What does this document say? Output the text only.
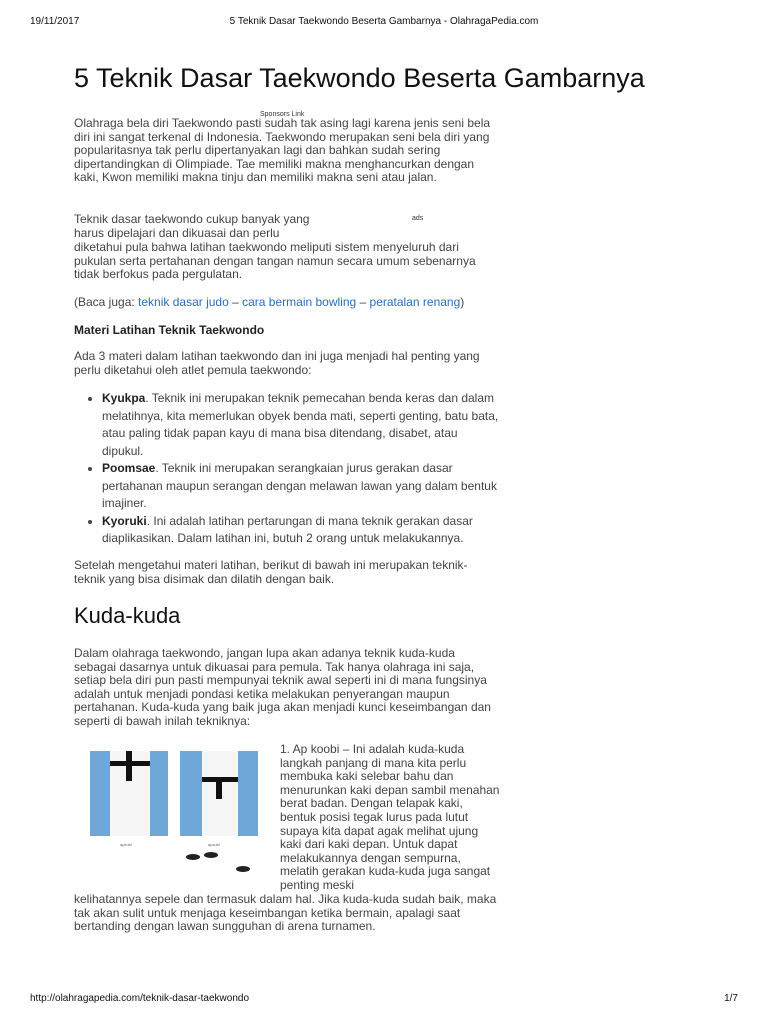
19/11/2017	5 Teknik Dasar Taekwondo Beserta Gambarnya - OlahragaPedia.com
5 Teknik Dasar Taekwondo Beserta Gambarnya
Sponsors Link

Olahraga bela diri Taekwondo pasti sudah tak asing lagi karena jenis seni bela diri ini sangat terkenal di Indonesia. Taekwondo merupakan seni bela diri yang popularitasnya tak perlu dipertanyakan lagi dan bahkan sudah sering dipertandingkan di Olimpiade. Tae memiliki makna menghancurkan dengan kaki, Kwon memiliki makna tinju dan memiliki makna seni atau jalan.

Teknik dasar taekwondo cukup banyak yang	ads

harus dipelajari dan dikuasai dan perlu

diketahui pula bahwa latihan taekwondo meliputi sistem menyeluruh dari pukulan serta pertahanan dengan tangan namun secara umum sebenarnya tidak berfokus pada pergulatan.

(Baca juga: teknik dasar judo – cara bermain bowling – peratalan renang)

Materi Latihan Teknik Taekwondo

Ada 3 materi dalam latihan taekwondo dan ini juga menjadi hal penting yang perlu diketahui oleh atlet pemula taekwondo:

• Kyukpa. Teknik ini merupakan teknik pemecahan benda keras dan dalam melatihnya, kita memerlukan obyek benda mati, seperti genting, batu bata, atau paling tidak papan kayu di mana bisa ditendang, disabet, atau dipukul.
• Poomsae. Teknik ini merupakan serangkaian jurus gerakan dasar pertahanan maupun serangan dengan melawan lawan yang dalam bentuk imajiner.
• Kyoruki. Ini adalah latihan pertarungan di mana teknik gerakan dasar diaplikasikan. Dalam latihan ini, butuh 2 orang untuk melakukannya.

Setelah mengetahui materi latihan, berikut di bawah ini merupakan teknik-teknik yang bisa disimak dan dilatih dengan baik.

Kuda-kuda

Dalam olahraga taekwondo, jangan lupa akan adanya teknik kuda-kuda sebagai dasarnya untuk dikuasai para pemula. Tak hanya olahraga ini saja, setiap bela diri pun pasti mempunyai teknik awal seperti ini di mana fungsinya adalah untuk menjadi pondasi ketika melakukan penyerangan maupun pertahanan. Kuda-kuda yang baik juga akan menjadi kunci keseimbangan dan seperti di bawah inilah tekniknya:

apkubi	apsubi

1. Ap koobi – Ini adalah kuda-kuda langkah panjang di mana kita perlu membuka kaki selebar bahu dan menurunkan kaki depan sambil menahan berat badan. Dengan telapak kaki, bentuk posisi tegak lurus pada lutut supaya kita dapat agak melihat ujung kaki dari kaki depan. Untuk dapat melakukannya dengan sempurna, melatih gerakan kuda-kuda juga sangat penting meski

kelihatannya sepele dan termasuk dalam hal. Jika kuda-kuda sudah baik, maka tak akan sulit untuk menjaga keseimbangan ketika bermain, apalagi saat bertanding dengan lawan sungguhan di arena turnamen.

http://olahragapedia.com/teknik-dasar-taekwondo	1/7
